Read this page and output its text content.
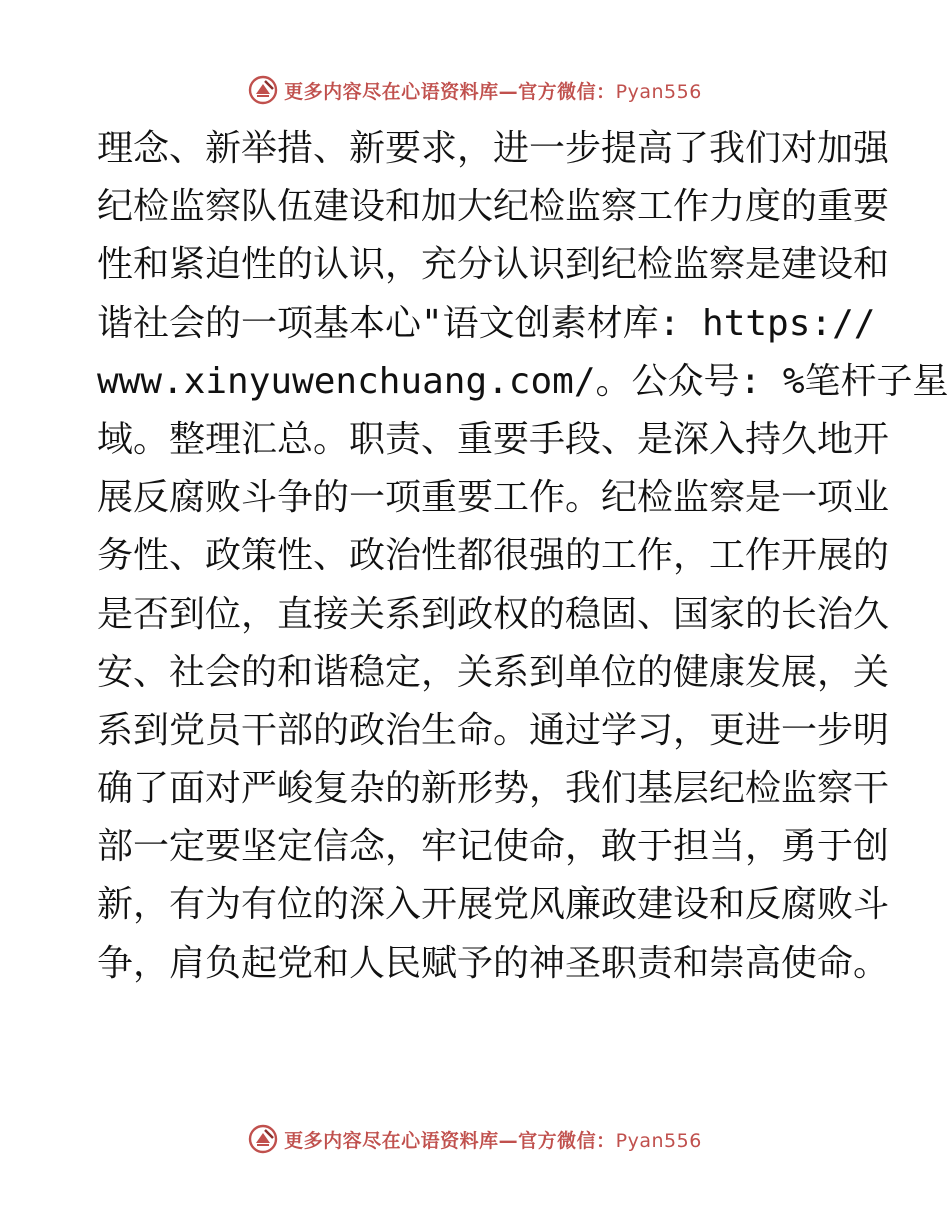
更多内容尽在心语资料库—官方微信：Pyan556
理念、新举措、新要求，进一步提高了我们对加强
纪检监察队伍建设和加大纪检监察工作力度的重要
性和紧迫性的认识，充分认识到纪检监察是建设和
谐社会的一项基本心"语文创素材库: https://
www.xinyuwenchuang.com/。公众号: %笔杆子星
域。整理汇总。职责、重要手段、是深入持久地开
展反腐败斗争的一项重要工作。纪检监察是一项业
务性、政策性、政治性都很强的工作，工作开展的
是否到位，直接关系到政权的稳固、国家的长治久
安、社会的和谐稳定，关系到单位的健康发展，关
系到党员干部的政治生命。通过学习，更进一步明
确了面对严峻复杂的新形势，我们基层纪检监察干
部一定要坚定信念，牢记使命，敢于担当，勇于创
新，有为有位的深入开展党风廉政建设和反腐败斗
争，肩负起党和人民赋予的神圣职责和崇高使命。
更多内容尽在心语资料库—官方微信：Pyan556
